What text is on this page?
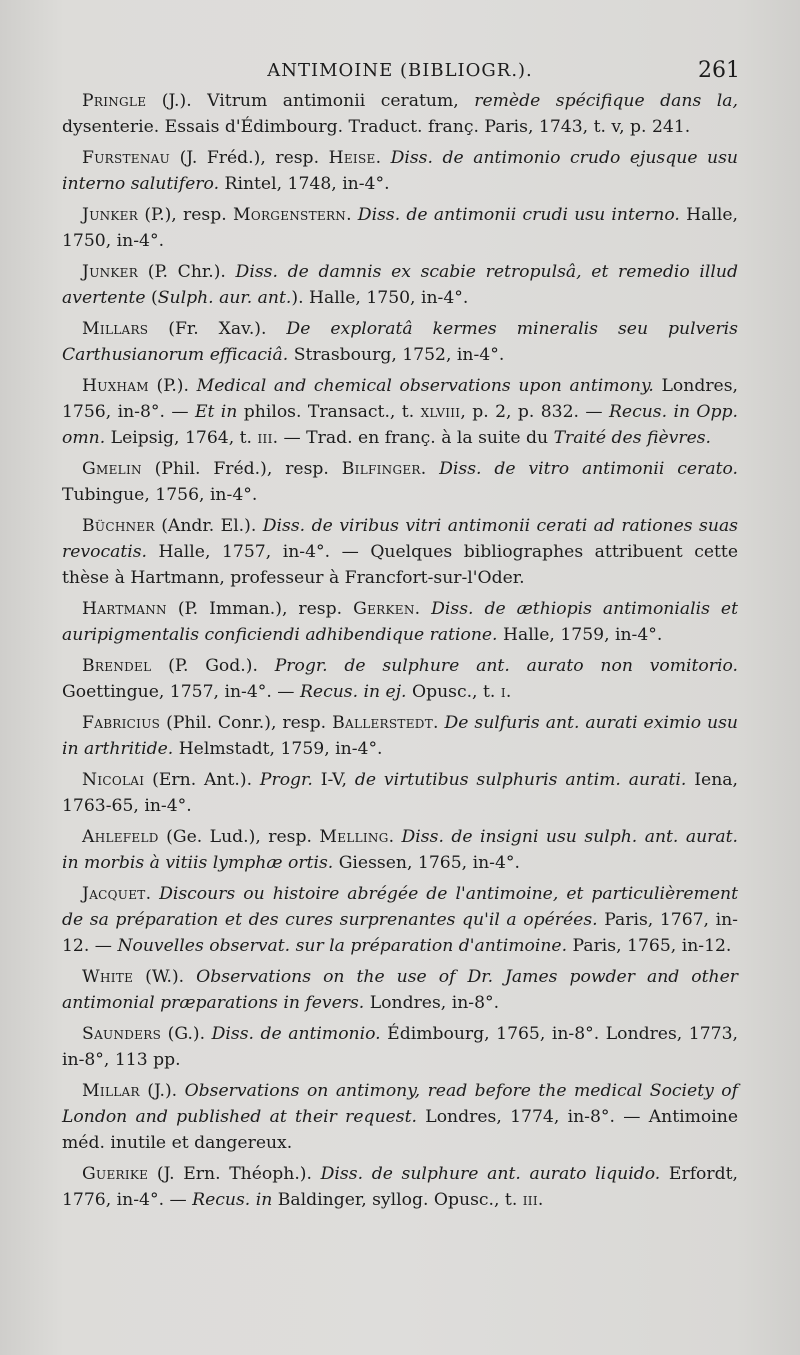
ANTIMOINE (BIBLIOGR.).	261

Pringle (J.). Vitrum antimonii ceratum, remède spécifique dans la, dysenterie. Essais d'Édimbourg. Traduct. franç. Paris, 1743, t. v, p. 241.

Furstenau (J. Fréd.), resp. Heise. Diss. de antimonio crudo ejusque usu interno salutifero. Rintel, 1748, in-4°.

Junker (P.), resp. Morgenstern. Diss. de antimonii crudi usu interno. Halle, 1750, in-4°.

Junker (P. Chr.). Diss. de damnis ex scabie retropulsâ, et remedio illud avertente (Sulph. aur. ant.). Halle, 1750, in-4°.

Millars (Fr. Xav.). De exploratâ kermes mineralis seu pulveris Carthusianorum efficaciâ. Strasbourg, 1752, in-4°.

Huxham (P.). Medical and chemical observations upon antimony. Londres, 1756, in-8°. — Et in philos. Transact., t. xlviii, p. 2, p. 832. — Recus. in Opp. omn. Leipsig, 1764, t. iii. — Trad. en franç. à la suite du Traité des fièvres.

Gmelin (Phil. Fréd.), resp. Bilfinger. Diss. de vitro antimonii cerato. Tubingue, 1756, in-4°.

Büchner (Andr. El.). Diss. de viribus vitri antimonii cerati ad rationes suas revocatis. Halle, 1757, in-4°. — Quelques bibliographes attribuent cette thèse à Hartmann, professeur à Francfort-sur-l'Oder.

Hartmann (P. Imman.), resp. Gerken. Diss. de æthiopis antimonialis et auripigmentalis conficiendi adhibendique ratione. Halle, 1759, in-4°.

Brendel (P. God.). Progr. de sulphure ant. aurato non vomitorio. Goettingue, 1757, in-4°. — Recus. in ej. Opusc., t. i.

Fabricius (Phil. Conr.), resp. Ballerstedt. De sulfuris ant. aurati eximio usu in arthritide. Helmstadt, 1759, in-4°.

Nicolai (Ern. Ant.). Progr. I-V, de virtutibus sulphuris antim. aurati. Iena, 1763-65, in-4°.

Ahlefeld (Ge. Lud.), resp. Melling. Diss. de insigni usu sulph. ant. aurat. in morbis à vitiis lymphæ ortis. Giessen, 1765, in-4°.

Jacquet. Discours ou histoire abrégée de l'antimoine, et particulièrement de sa préparation et des cures surprenantes qu'il a opérées. Paris, 1767, in-12. — Nouvelles observat. sur la préparation d'antimoine. Paris, 1765, in-12.

White (W.). Observations on the use of Dr. James powder and other antimonial præparations in fevers. Londres, in-8°.

Saunders (G.). Diss. de antimonio. Édimbourg, 1765, in-8°. Londres, 1773, in-8°, 113 pp.

Millar (J.). Observations on antimony, read before the medical Society of London and published at their request. Londres, 1774, in-8°. — Antimoine méd. inutile et dangereux.

Guerike (J. Ern. Théoph.). Diss. de sulphure ant. aurato liquido. Erfordt, 1776, in-4°. — Recus. in Baldinger, syllog. Opusc., t. iii.
